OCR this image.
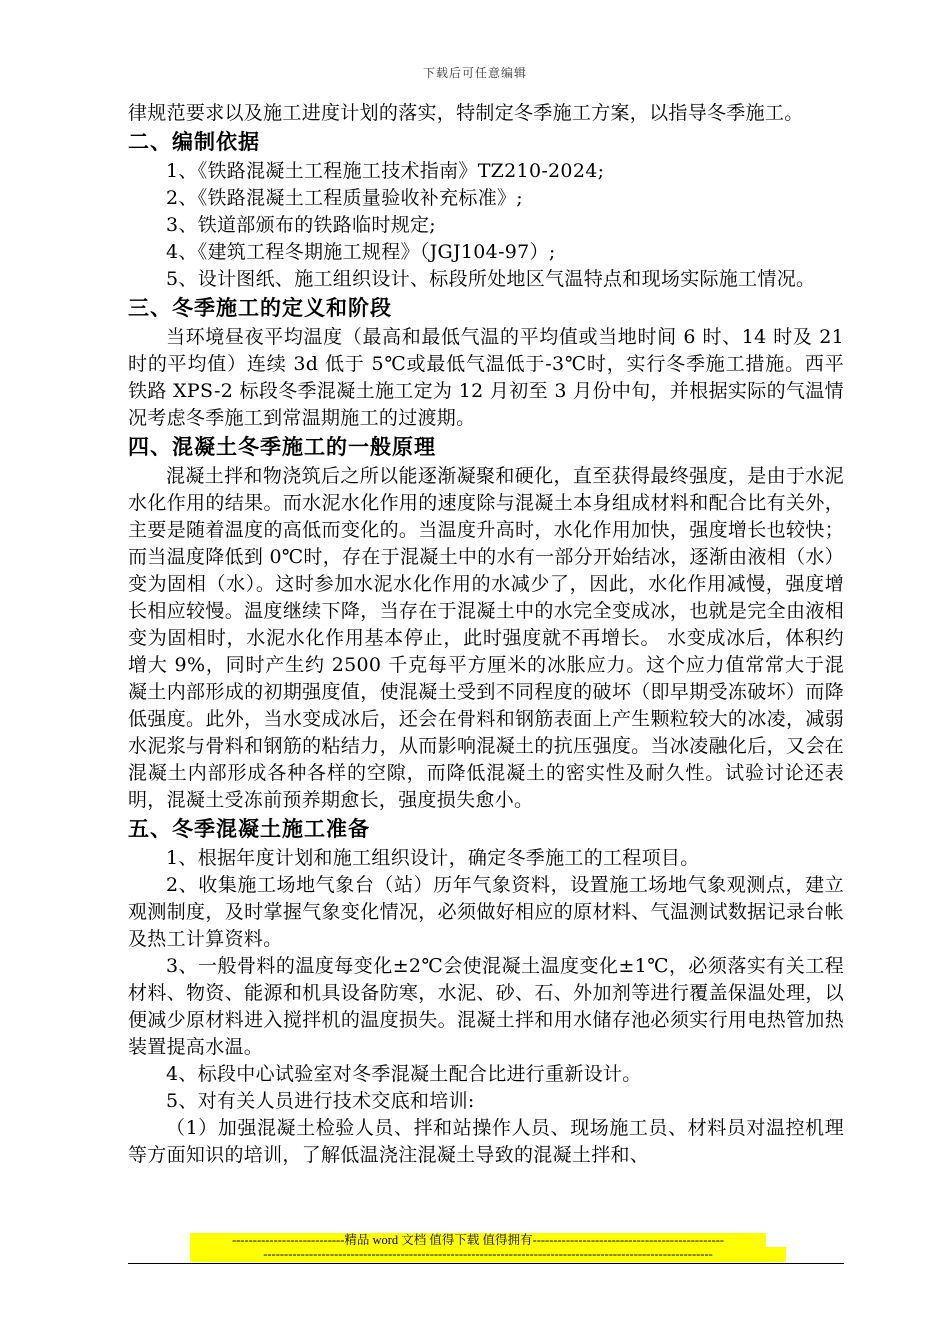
下载后可任意编辑

律规范要求以及施工进度计划的落实，特制定冬季施工方案，以指导冬季施工。

二、编制依据

1、《铁路混凝土工程施工技术指南》TZ210-2024;

2、《铁路混凝土工程质量验收补充标准》;

3、铁道部颁布的铁路临时规定;

4、《建筑工程冬期施工规程》（JGJ104-97）;

5、设计图纸、施工组织设计、标段所处地区气温特点和现场实际施工情况。

三、冬季施工的定义和阶段

当环境昼夜平均温度（最高和最低气温的平均值或当地时间 6 时、14 时及 21 时的平均值）连续 3d 低于 5℃或最低气温低于-3℃时，实行冬季施工措施。西平铁路 XPS-2 标段冬季混凝土施工定为 12 月初至 3 月份中旬，并根据实际的气温情况考虑冬季施工到常温期施工的过渡期。

四、混凝土冬季施工的一般原理

混凝土拌和物浇筑后之所以能逐渐凝聚和硬化，直至获得最终强度，是由于水泥水化作用的结果。而水泥水化作用的速度除与混凝土本身组成材料和配合比有关外，主要是随着温度的高低而变化的。当温度升高时，水化作用加快，强度增长也较快；而当温度降低到 0℃时，存在于混凝土中的水有一部分开始结冰，逐渐由液相（水）变为固相（水）。这时参加水泥水化作用的水减少了，因此，水化作用减慢，强度增长相应较慢。温度继续下降，当存在于混凝土中的水完全变成冰，也就是完全由液相变为固相时，水泥水化作用基本停止，此时强度就不再增长。 水变成冰后，体积约增大 9%，同时产生约 2500 千克每平方厘米的冰胀应力。这个应力值常常大于混凝土内部形成的初期强度值，使混凝土受到不同程度的破坏（即早期受冻破坏）而降低强度。此外，当水变成冰后，还会在骨料和钢筋表面上产生颗粒较大的冰凌，减弱水泥浆与骨料和钢筋的粘结力，从而影响混凝土的抗压强度。当冰凌融化后，又会在混凝土内部形成各种各样的空隙，而降低混凝土的密实性及耐久性。试验讨论还表明，混凝土受冻前预养期愈长，强度损失愈小。

五、冬季混凝土施工准备

1、根据年度计划和施工组织设计，确定冬季施工的工程项目。

2、收集施工场地气象台（站）历年气象资料，设置施工场地气象观测点，建立观测制度，及时掌握气象变化情况，必须做好相应的原材料、气温测试数据记录台帐及热工计算资料。

3、一般骨料的温度每变化±2℃会使混凝土温度变化±1℃，必须落实有关工程材料、物资、能源和机具设备防寒，水泥、砂、石、外加剂等进行覆盖保温处理，以便减少原材料进入搅拌机的温度损失。混凝土拌和用水储存池必须实行用电热管加热装置提高水温。

4、标段中心试验室对冬季混凝土配合比进行重新设计。

5、对有关人员进行技术交底和培训:

（1）加强混凝土检验人员、拌和站操作人员、现场施工员、材料员对温控机理等方面知识的培训，了解低温浇注混凝土导致的混凝土拌和、

---------------------------精品 word 文档 值得下载 值得拥有----------------------------------------------
------------------------------------------------------------------------------------------------------------
